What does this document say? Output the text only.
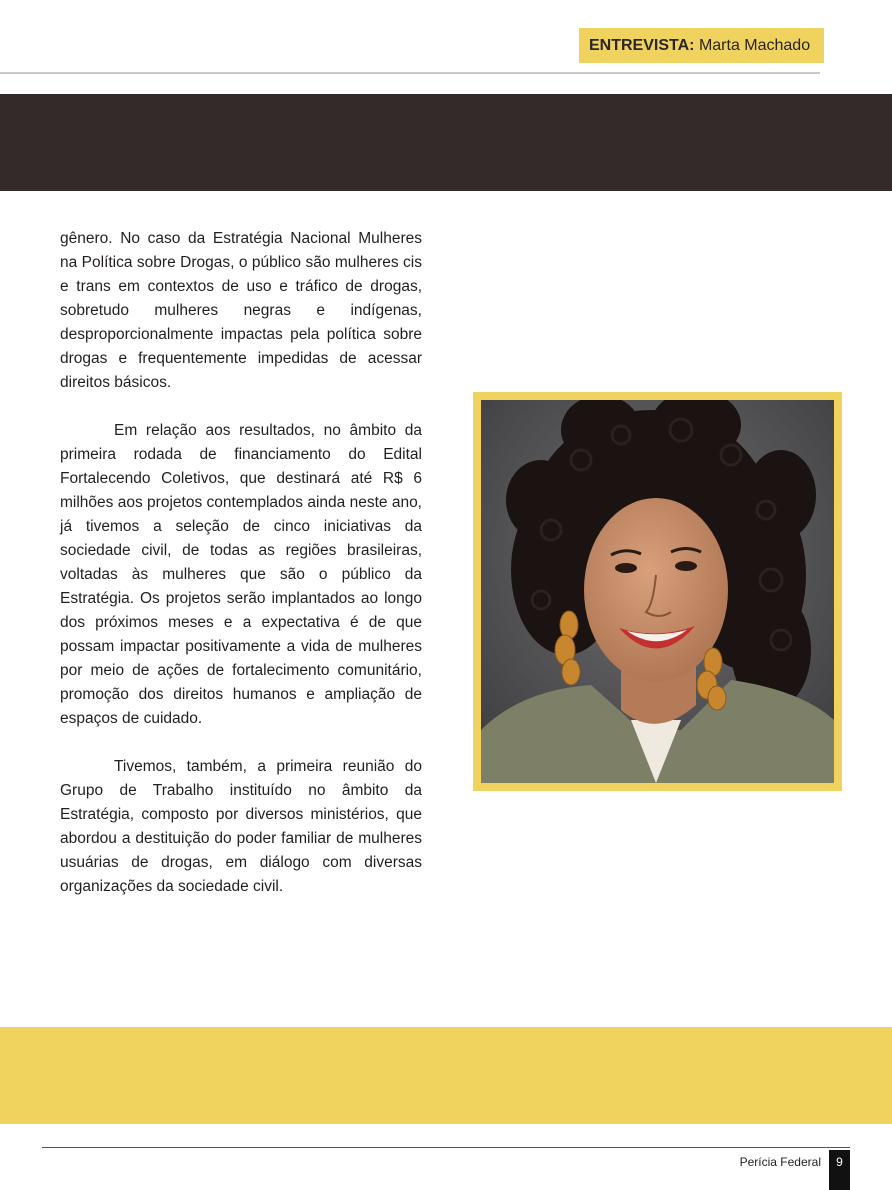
ENTREVISTA: Marta Machado

gênero. No caso da Estratégia Nacional Mulheres na Política sobre Drogas, o público são mulheres cis e trans em contextos de uso e tráfico de drogas, sobretudo mulheres negras e indígenas, desproporcionalmente impactas pela política sobre drogas e frequentemente impedidas de acessar direitos básicos.

Em relação aos resultados, no âmbito da primeira rodada de financiamento do Edital Fortalecendo Coletivos, que destinará até R$ 6 milhões aos projetos contemplados ainda neste ano, já tivemos a seleção de cinco iniciativas da sociedade civil, de todas as regiões brasileiras, voltadas às mulheres que são o público da Estratégia. Os projetos serão implantados ao longo dos próximos meses e a expectativa é de que possam impactar positivamente a vida de mulheres por meio de ações de fortalecimento comunitário, promoção dos direitos humanos e ampliação de espaços de cuidado.

Tivemos, também, a primeira reunião do Grupo de Trabalho instituído no âmbito da Estratégia, composto por diversos ministérios, que abordou a destituição do poder familiar de mulheres usuárias de drogas, em diálogo com diversas organizações da sociedade civil.

Perícia Federal	9
